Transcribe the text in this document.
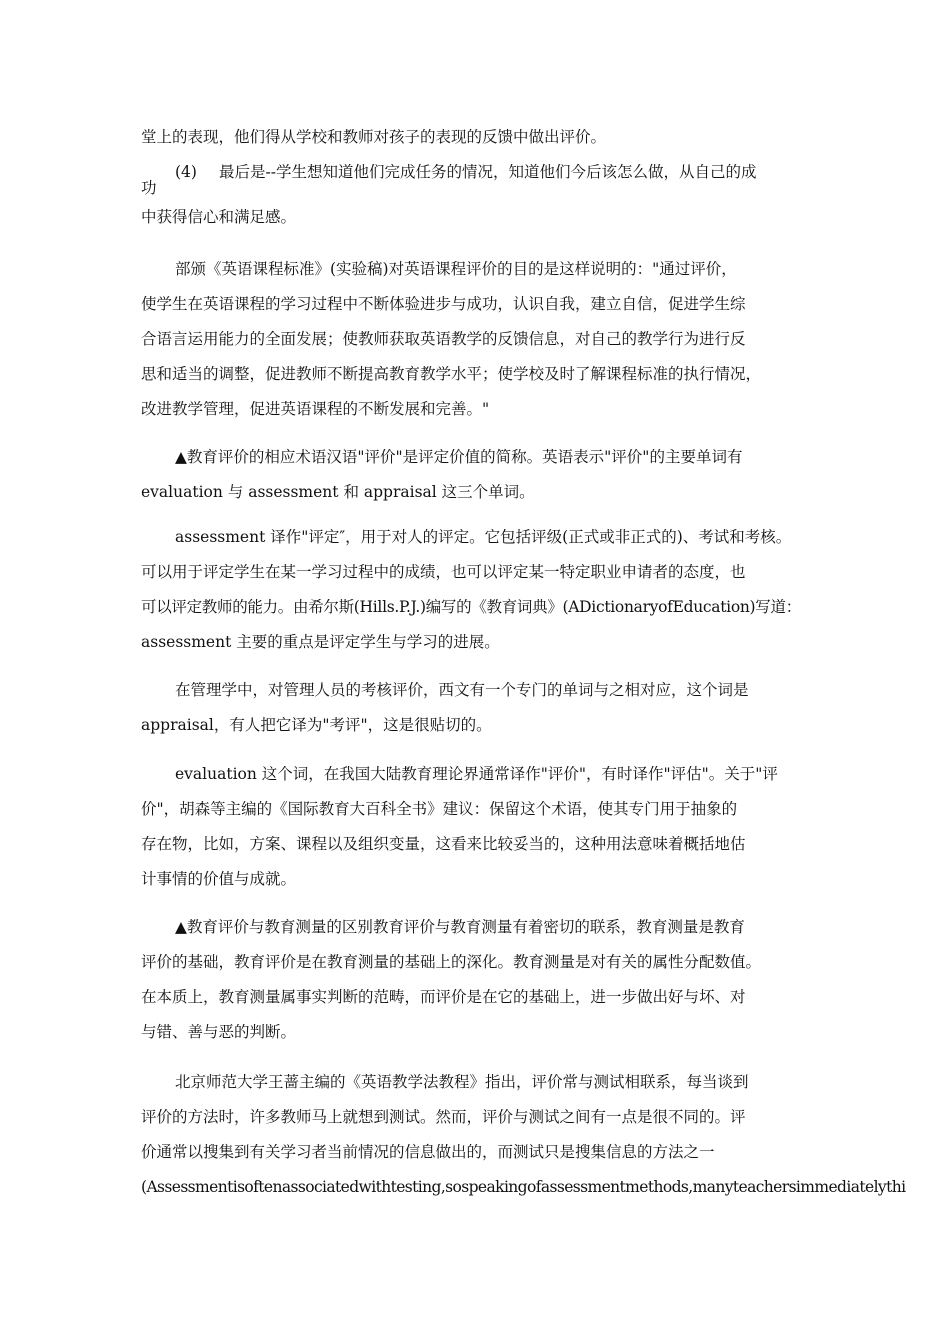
堂上的表现，他们得从学校和教师对孩子的表现的反馈中做出评价。

(4) 最后是--学生想知道他们完成任务的情况，知道他们今后该怎么做，从自己的成
功
中获得信心和满足感。

部颁《英语课程标准》(实验稿)对英语课程评价的目的是这样说明的："通过评价，
使学生在英语课程的学习过程中不断体验进步与成功，认识自我，建立自信，促进学生综
合语言运用能力的全面发展；使教师获取英语教学的反馈信息，对自己的教学行为进行反
思和适当的调整，促进教师不断提高教育教学水平；使学校及时了解课程标准的执行情况，
改进教学管理，促进英语课程的不断发展和完善。"

▲教育评价的相应术语汉语"评价"是评定价值的简称。英语表示"评价"的主要单词有
evaluation 与 assessment 和 appraisal 这三个单词。

assessment 译作"评定″，用于对人的评定。它包括评级(正式或非正式的)、考试和考核。
可以用于评定学生在某一学习过程中的成绩，也可以评定某一特定职业申请者的态度，也
可以评定教师的能力。由希尔斯(Hills.P.J.)编写的《教育词典》(ADictionaryofEducation)写道：
assessment 主要的重点是评定学生与学习的进展。

在管理学中，对管理人员的考核评价，西文有一个专门的单词与之相对应，这个词是
appraisal，有人把它译为"考评"，这是很贴切的。

evaluation 这个词，在我国大陆教育理论界通常译作"评价"，有时译作"评估"。关于"评
价"，胡森等主编的《国际教育大百科全书》建议：保留这个术语，使其专门用于抽象的
存在物，比如，方案、课程以及组织变量，这看来比较妥当的，这种用法意味着概括地估
计事情的价值与成就。

▲教育评价与教育测量的区别教育评价与教育测量有着密切的联系，教育测量是教育
评价的基础，教育评价是在教育测量的基础上的深化。教育测量是对有关的属性分配数值。
在本质上，教育测量属事实判断的范畴，而评价是在它的基础上，进一步做出好与坏、对
与错、善与恶的判断。

北京师范大学王蔷主编的《英语教学法教程》指出，评价常与测试相联系，每当谈到
评价的方法时，许多教师马上就想到测试。然而，评价与测试之间有一点是很不同的。评
价通常以搜集到有关学习者当前情况的信息做出的，而测试只是搜集信息的方法之一
(Assessmentisoftenassociatedwithtesting,sospeakingofassessmentmethods,manyteachersimmediatelythi
